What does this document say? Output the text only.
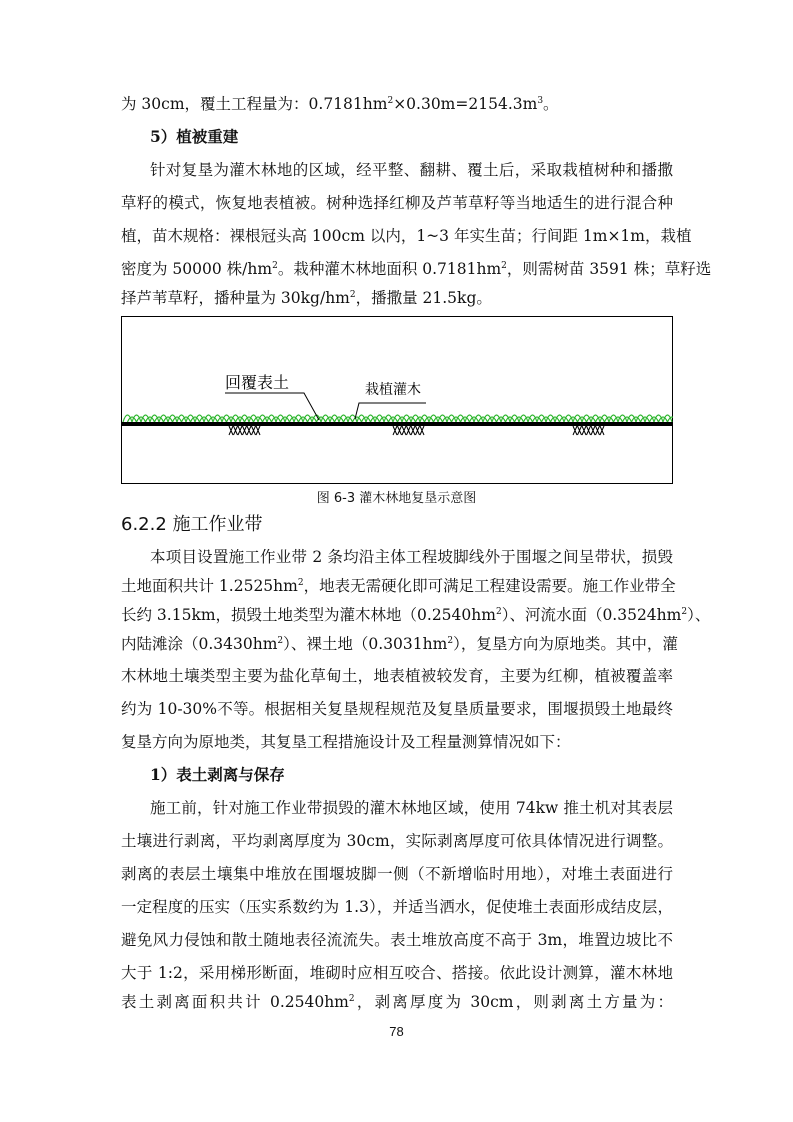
为 30cm，覆土工程量为：$0.7181hm^2\times 0.30m=2154.3m^3$。
5）植被重建
针对复垦为灌木林地的区域，经平整、翻耕、覆土后，采取栽植树种和播撒
草籽的模式，恢复地表植被。树种选择红柳及芦苇草籽等当地适生的进行混合种
植，苗木规格：裸根冠头高 100cm 以内，1~3 年实生苗；行间距 1m×1m，栽植
密度为 50000 株$/hm^2$。栽种灌木林地面积 $0.7181hm^2$，则需树苗 3591 株；草籽选
择芦苇草籽，播种量为 $30kg/hm^2$，播撒量 21.5kg。
回覆表土	栽植灌木
图 6-3 灌木林地复垦示意图
6.2.2 施工作业带
本项目设置施工作业带 2 条均沿主体工程坡脚线外于围堰之间呈带状，损毁
土地面积共计 $1.2525hm^2$，地表无需硬化即可满足工程建设需要。施工作业带全
长约 3.15km，损毁土地类型为灌木林地$(0.2540hm^2)$、河流水面$(0.3524hm^2)$、
内陆滩涂$(0.3430hm^2)$、裸土地$(0.3031hm^2)$，复垦方向为原地类。其中，灌
木林地土壤类型主要为盐化草甸土，地表植被较发育，主要为红柳，植被覆盖率
约为 10-30%不等。根据相关复垦规程规范及复垦质量要求，围堰损毁土地最终
复垦方向为原地类，其复垦工程措施设计及工程量测算情况如下：
1）表土剥离与保存
施工前，针对施工作业带损毁的灌木林地区域，使用 74kw 推土机对其表层
土壤进行剥离，平均剥离厚度为 30cm，实际剥离厚度可依具体情况进行调整。
剥离的表层土壤集中堆放在围堰坡脚一侧（不新增临时用地），对堆土表面进行
一定程度的压实（压实系数约为 1.3），并适当洒水，促使堆土表面形成结皮层，
避免风力侵蚀和散土随地表径流流失。表土堆放高度不高于 3m，堆置边坡比不
大于 1:2，采用梯形断面，堆砌时应相互咬合、搭接。依此设计测算，灌木林地
表土剥离面积共计 $0.2540hm^2$，剥离厚度为 30cm，则剥离土方量为：
78
